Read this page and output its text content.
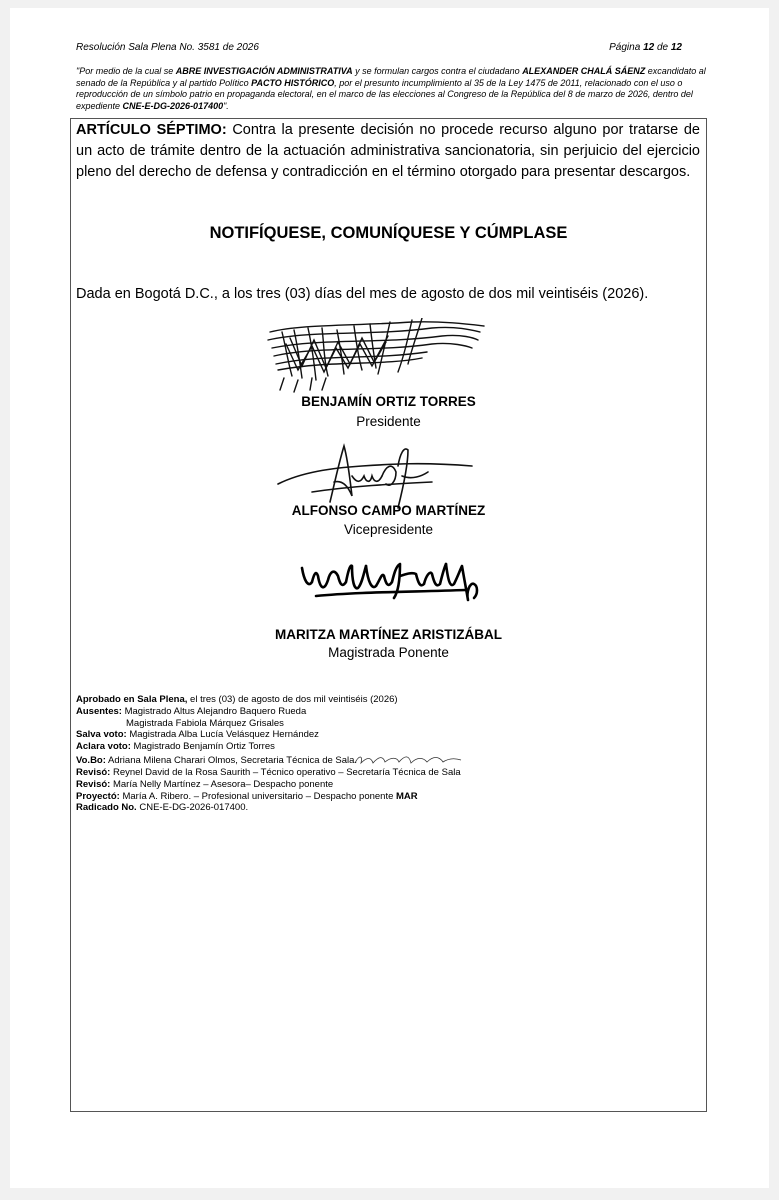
Resolución Sala Plena No. 3581 de 2026	Página 12 de 12
"Por medio de la cual se ABRE INVESTIGACIÓN ADMINISTRATIVA y se formulan cargos contra el ciudadano ALEXANDER CHALÁ SÁENZ excandidato al senado de la República y al partido Político PACTO HISTÓRICO, por el presunto incumplimiento al 35 de la Ley 1475 de 2011, relacionado con el uso o reproducción de un símbolo patrio en propaganda electoral, en el marco de las elecciones al Congreso de la República del 8 de marzo de 2026, dentro del expediente CNE-E-DG-2026-017400".
ARTÍCULO SÉPTIMO: Contra la presente decisión no procede recurso alguno por tratarse de un acto de trámite dentro de la actuación administrativa sancionatoria, sin perjuicio del ejercicio pleno del derecho de defensa y contradicción en el término otorgado para presentar descargos.
NOTIFÍQUESE, COMUNÍQUESE Y CÚMPLASE
Dada en Bogotá D.C., a los tres (03) días del mes de agosto de dos mil veintiséis (2026).
BENJAMÍN ORTIZ TORRES
Presidente
ALFONSO CAMPO MARTÍNEZ
Vicepresidente
MARITZA MARTÍNEZ ARISTIZÁBAL
Magistrada Ponente
Aprobado en Sala Plena, el tres (03) de agosto de dos mil veintiséis (2026)
Ausentes: Magistrado Altus Alejandro Baquero Rueda
Magistrada Fabiola Márquez Grisales
Salva voto: Magistrada Alba Lucía Velásquez Hernández
Aclara voto: Magistrado Benjamín Ortiz Torres
Vo.Bo: Adriana Milena Charari Olmos, Secretaria Técnica de Sala.
Revisó: Reynel David de la Rosa Saurith – Técnico operativo – Secretaría Técnica de Sala
Revisó: María Nelly Martínez – Asesora– Despacho ponente
Proyectó: María A. Ribero. – Profesional universitario – Despacho ponente MAR
Radicado No. CNE-E-DG-2026-017400.
